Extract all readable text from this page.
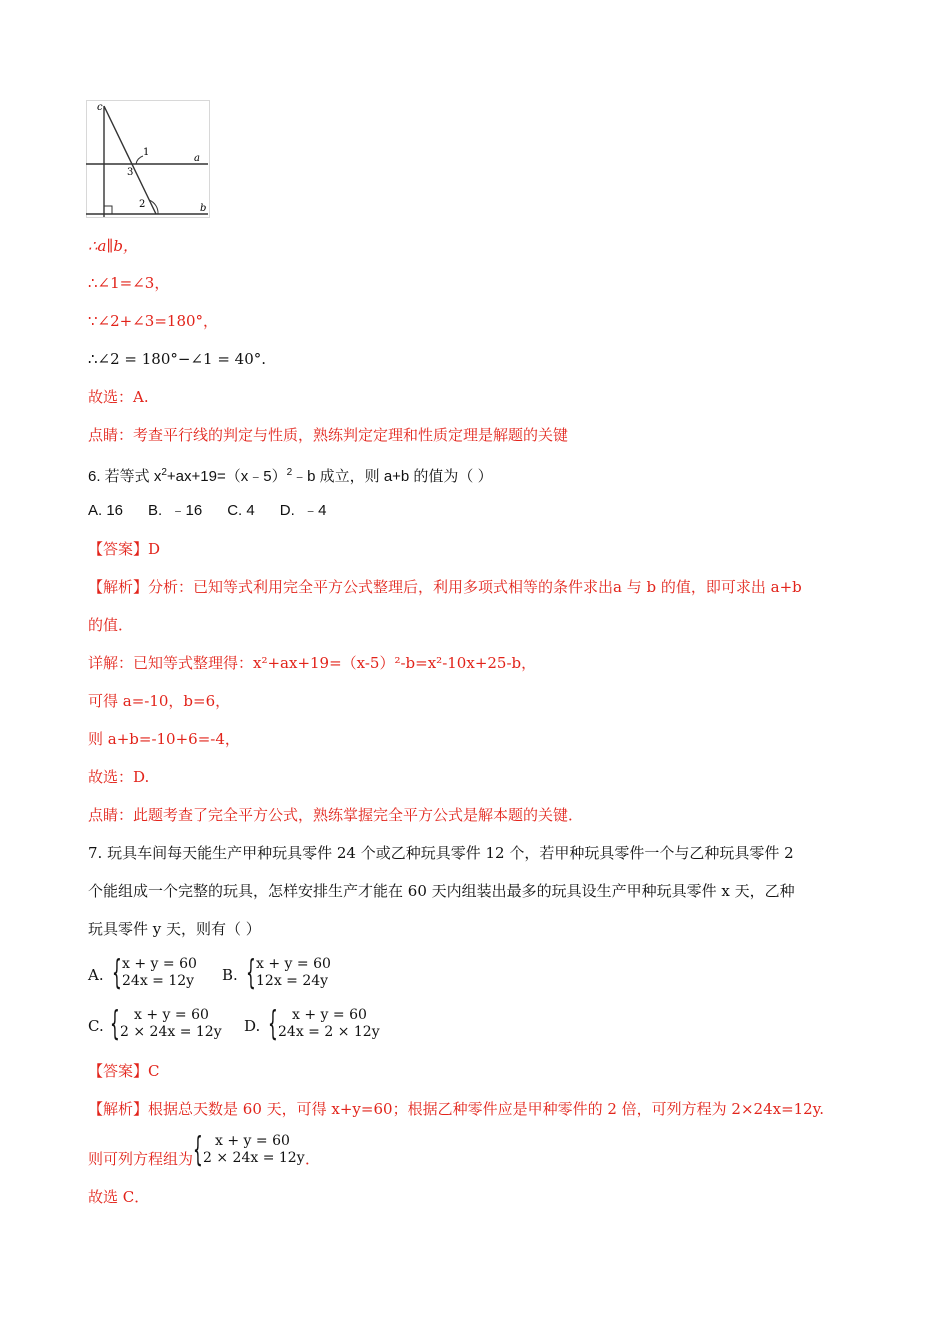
c
a
b
1
2
3
∴a∥b，
∴∠1=∠3，
∵∠2+∠3=180°，
∴∠2 = 180°−∠1 = 40°.
故选：A.
点睛：考查平行线的判定与性质，熟练判定定理和性质定理是解题的关键
6. 若等式 $x^2+ax+19=(x﹣5)^2﹣b$ 成立，则 a+b 的值为（ ）
A. 16      B.  ﹣16      C. 4      D.  ﹣4
【答案】D
【解析】分析：已知等式利用完全平方公式整理后，利用多项式相等的条件求出a 与 b 的值，即可求出 a+b
的值．
详解：已知等式整理得：x²+ax+19=（x-5）²-b=x²-10x+25-b，
可得 a=-10，b=6，
则 a+b=-10+6=-4，
故选：D.
点睛：此题考查了完全平方公式，熟练掌握完全平方公式是解本题的关键．
7. 玩具车间每天能生产甲种玩具零件 24 个或乙种玩具零件 12 个，若甲种玩具零件一个与乙种玩具零件 2
个能组成一个完整的玩具，怎样安排生产才能在 60 天内组装出最多的玩具设生产甲种玩具零件 x 天，乙种
玩具零件 y 天，则有（ ）
A. { x + y = 60
24x = 12y B. { x + y = 60
12x = 24y
C. {	x + y = 60
2 × 24x = 12y D. {	x + y = 60
24x = 2 × 12y
【答案】C
【解析】根据总天数是 60 天，可得 x+y=60；根据乙种零件应是甲种零件的 2 倍，可列方程为 2×24x=12y.
则可列方程组为 { x + y = 60
2 × 24x = 12y ．
故选 C．
